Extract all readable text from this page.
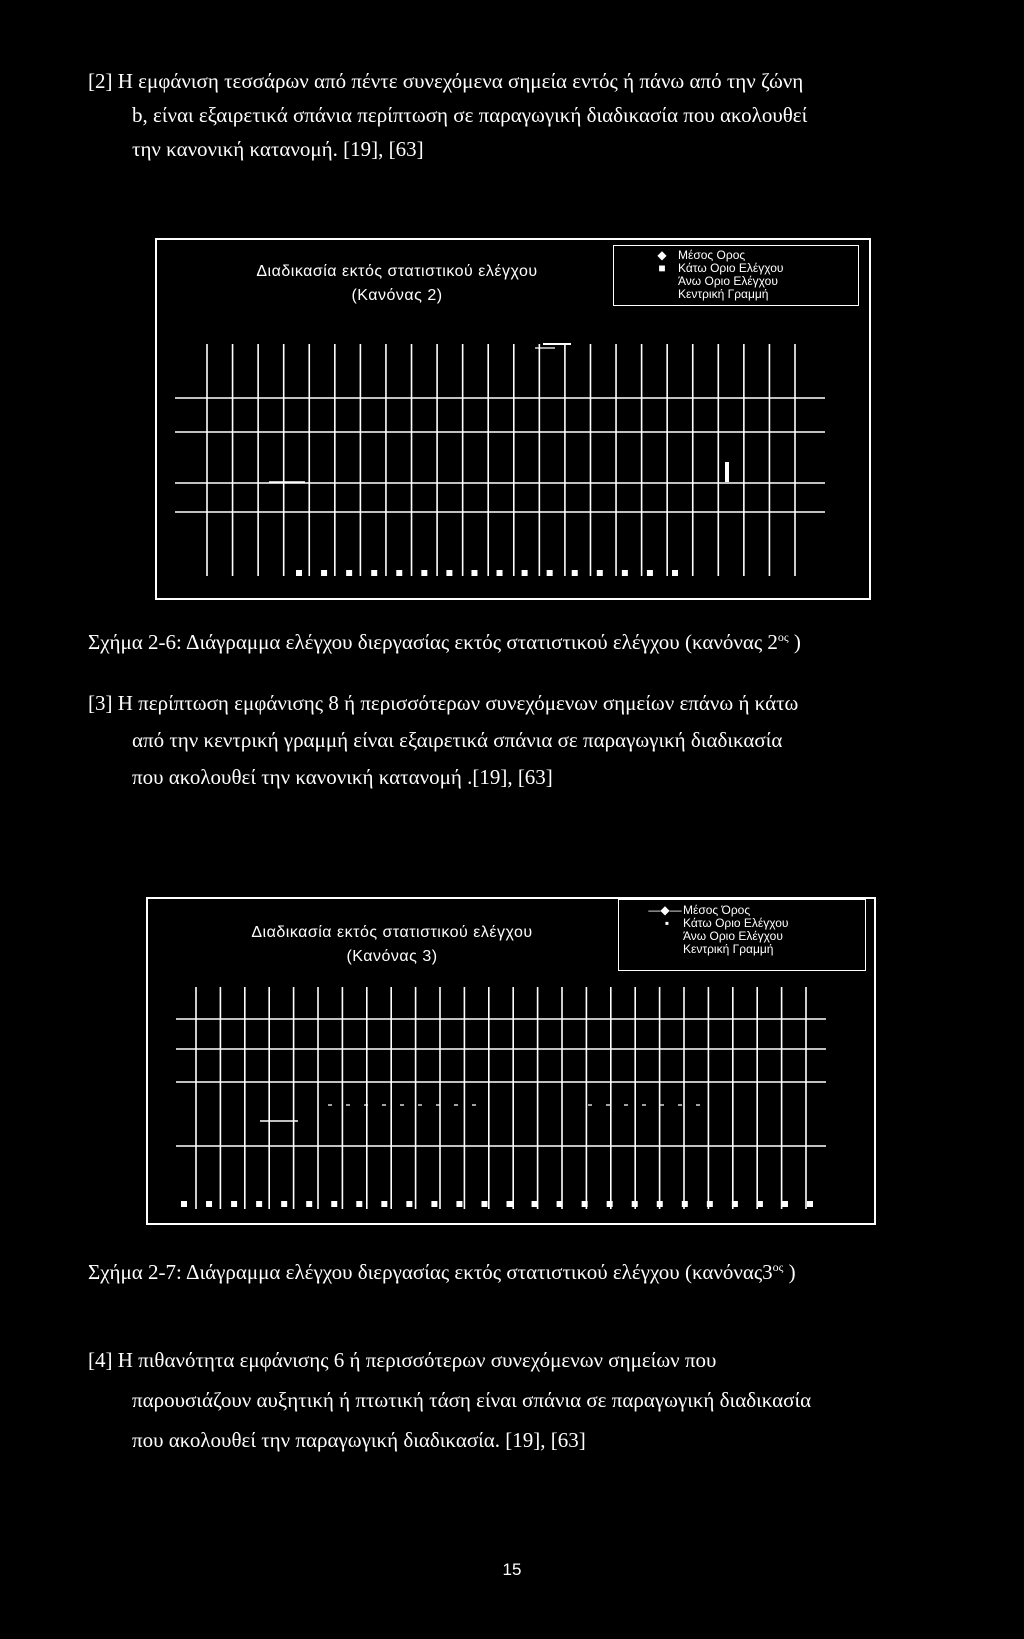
[2] Η εμφάνιση τεσσάρων από πέντε συνεχόμενα σημεία εντός ή πάνω από την ζώνη
b, είναι εξαιρετικά σπάνια περίπτωση σε παραγωγική διαδικασία που ακολουθεί
την κανονική κατανομή. [19], [63]
Διαδικασία εκτός στατιστικού ελέγχου
(Κανόνας 2)
◆ Μέσος Ορος
■	Κάτω Οριο Ελέγχου
Άνω Οριο Ελέγχου
Κεντρική Γραμμή
Σχήμα 2-6: Διάγραμμα ελέγχου διεργασίας εκτός στατιστικού ελέγχου (κανόνας $2^{o\varsigma}$ )
[3] Η περίπτωση εμφάνισης 8 ή περισσότερων συνεχόμενων σημείων επάνω ή κάτω
από την κεντρική γραμμή είναι εξαιρετικά σπάνια σε παραγωγική διαδικασία
που ακολουθεί την κανονική κατανομή .[19], [63]
Διαδικασία εκτός στατιστικού ελέγχου
(Κανόνας 3)
—◆— Μέσος Όρος
▪	Κάτω Οριο Ελέγχου
Άνω Οριο Ελέγχου
Κεντρική Γραμμή
Σχήμα 2-7: Διάγραμμα ελέγχου διεργασίας εκτός στατιστικού ελέγχου ($\kappa\alpha\nu ό\nu\alpha\varsigma 3^{o\varsigma}$ )
[4] Η πιθανότητα εμφάνισης 6 ή περισσότερων συνεχόμενων σημείων που
παρουσιάζουν αυξητική ή πτωτική τάση είναι σπάνια σε παραγωγική διαδικασία
που ακολουθεί την παραγωγική διαδικασία. [19], [63]
15
